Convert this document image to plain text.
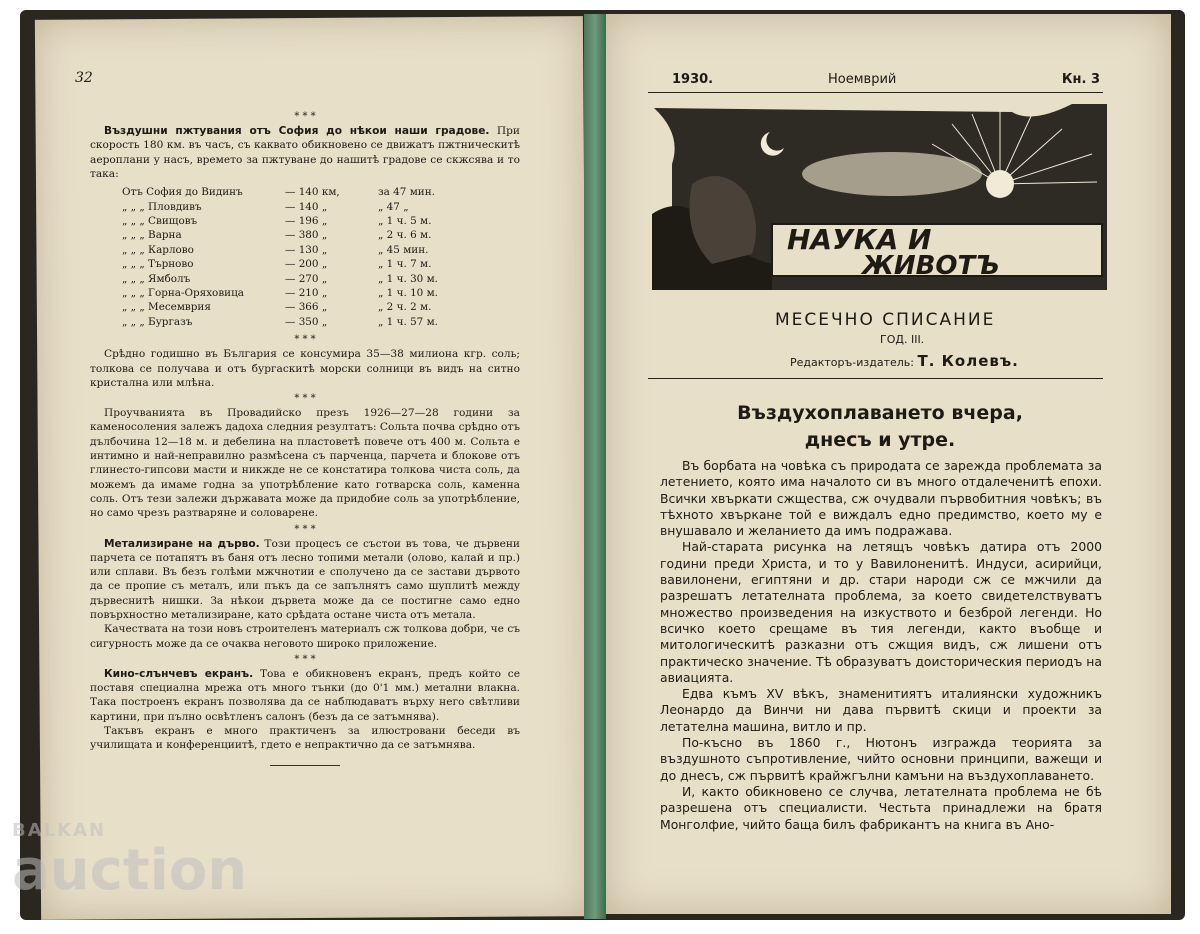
32
* * *

Въздушни пжтувания отъ София до нѣкои наши градове. При скорость 180 км. въ часъ, съ каквато обикновено се движатъ пжтническитѣ аероплани у насъ, времето за пжтуване до нашитѣ градове се скжсява и то така:

Отъ София до Видинъ	— 140 км,	за 47 мин.
„ „ „ Пловдивъ	— 140 „	„ 47 „
„ „ „ Свищовъ	— 196 „	„ 1 ч. 5 м.
„ „ „ Варна	— 380 „	„ 2 ч. 6 м.
„ „ „ Карлово	— 130 „	„ 45 мин.
„ „ „ Търново	— 200 „	„ 1 ч. 7 м.
„ „ „ Ямболъ	— 270 „	„ 1 ч. 30 м.
„ „ „ Горна-Оряховица	— 210 „	„ 1 ч. 10 м.
„ „ „ Месемврия	— 366 „	„ 2 ч. 2 м.
„ „ „ Бургазъ	— 350 „	„ 1 ч. 57 м.
* * *

Срѣдно годишно въ България се консумира 35—38 милиона кгр. соль; толкова се получава и отъ бургаскитѣ морски солници въ видъ на ситно кристална или млѣна.

* * *

Проучванията въ Провадийско презъ 1926—27—28 години за каменосоления залежъ дадоха следния резултатъ: Сольта почва срѣдно отъ дълбочина 12—18 м. и дебелина на пластоветѣ повече отъ 400 м. Сольта е интимно и най-неправилно размѣсена съ парченца, парчета и блокове отъ глинесто-гипсови масти и никжде не се констатира толкова чиста соль, да можемъ да имаме годна за употрѣбление като готварска соль, каменна соль. Отъ тези залежи държавата може да придобие соль за употрѣбление, но само чрезъ разтваряне и соловарене.

* * *

Метализиране на дърво. Този процесъ се състои въ това, че дървени парчета се потапятъ въ баня отъ лесно топими метали (олово, калай и пр.) или сплави. Въ безъ голѣми мжчнотии е сполучено да се застави дървото да се пропие съ металъ, или пъкъ да се запълнятъ само шуплитѣ между дървеснитѣ нишки. За нѣкои дървета може да се постигне само едно повърхностно метализиране, като срѣдата остане чиста отъ метала.

Качествата на този новъ строителенъ материалъ сж толкова добри, че съ сигурность може да се очаква неговото широко приложение.

* * *

Кино-слънчевъ екранъ. Това е обикновенъ екранъ, предъ който се поставя специална мрежа отъ много тънки (до 0'1 мм.) метални влакна. Така построенъ екранъ позволява да се наблюдаватъ върху него свѣтливи картини, при пълно освѣтленъ салонъ (безъ да се затъмнява).

Такъвъ екранъ е много практиченъ за илюстровани беседи въ училищата и конференциитѣ, гдето е непрактично да се затъмнява.

1930.	Ноемврий	Кн. 3
НАУКА И
ЖИВОТЪ
1928
МЕСЕЧНО СПИСАНИЕ
ГОД. III.
Редакторъ-издатель: Т. Колевъ.
Въздухоплаването вчера,
днесъ и утре.

Въ борбата на човѣка съ природата се зарежда проблемата за летението, която има началото си въ много отдалеченитѣ епохи. Всички хвъркати сжщества, сж очудвали първобитния човѣкъ; въ тѣхното хвъркане той е виждалъ едно предимство, което му е внушавало и желанието да имъ подражава.

Най-старата рисунка на летящъ човѣкъ датира отъ 2000 години преди Христа, и то у Вавилоненитѣ. Индуси, асирийци, вавилонени, египтяни и др. стари народи сж се мжчили да разрешатъ летателната проблема, за което свидетелствуватъ множество произведения на изкуството и безброй легенди. Но всичко което срещаме въ тия легенди, както въобще и митологическитѣ разказни отъ сжщия видъ, сж лишени отъ практическо значение. Тѣ образуватъ доисторическия периодъ на авиацията.

Едва къмъ XV вѣкъ, знаменитиятъ италиянски художникъ Леонардо да Винчи ни дава първитѣ скици и проекти за летателна машина, витло и пр.

По-късно въ 1860 г., Нютонъ изгражда теорията за въздушното съпротивление, чийто основни принципи, важещи и до днесъ, сж първитѣ крайжгълни камъни на въздухоплаването.

И, както обикновено се случва, летателната проблема не бѣ разрешена отъ специалисти. Честьта принадлежи на братя Монголфие, чийто баща билъ фабрикантъ на книга въ Ано-

BALKAN
auction
